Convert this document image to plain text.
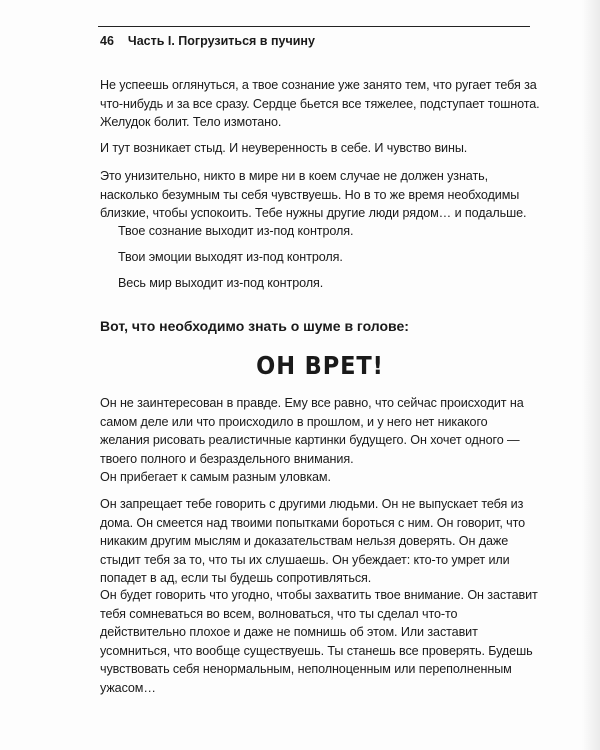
46 Часть I. Погрузиться в пучину

Не успеешь оглянуться, а твое сознание уже занято тем, что ругает тебя за что-нибудь и за все сразу. Сердце бьется все тяжелее, подступает тошнота. Желудок болит. Тело измотано.

И тут возникает стыд. И неуверенность в себе. И чувство вины.

Это унизительно, никто в мире ни в коем случае не должен узнать, насколько безумным ты себя чувствуешь. Но в то же время необходимы близкие, чтобы успокоить. Тебе нужны другие люди рядом… и подальше.

Твое сознание выходит из-под контроля.

Твои эмоции выходят из-под контроля.

Весь мир выходит из-под контроля.

Вот, что необходимо знать о шуме в голове:
ОН ВРЕТ!

Он не заинтересован в правде. Ему все равно, что сейчас происходит на самом деле или что происходило в прошлом, и у него нет никакого желания рисовать реалистичные картинки будущего. Он хочет одного — твоего полного и безраздельного внимания.

Он прибегает к самым разным уловкам.

Он запрещает тебе говорить с другими людьми. Он не выпускает тебя из дома. Он смеется над твоими попытками бороться с ним. Он говорит, что никаким другим мыслям и доказательствам нельзя доверять. Он даже стыдит тебя за то, что ты их слушаешь. Он убеждает: кто-то умрет или попадет в ад, если ты будешь сопротивляться.

Он будет говорить что угодно, чтобы захватить твое внимание. Он заставит тебя сомневаться во всем, волноваться, что ты сделал что-то действительно плохое и даже не помнишь об этом. Или заставит усомниться, что вообще существуешь. Ты станешь все проверять. Будешь чувствовать себя ненормальным, неполноценным или переполненным ужасом…
